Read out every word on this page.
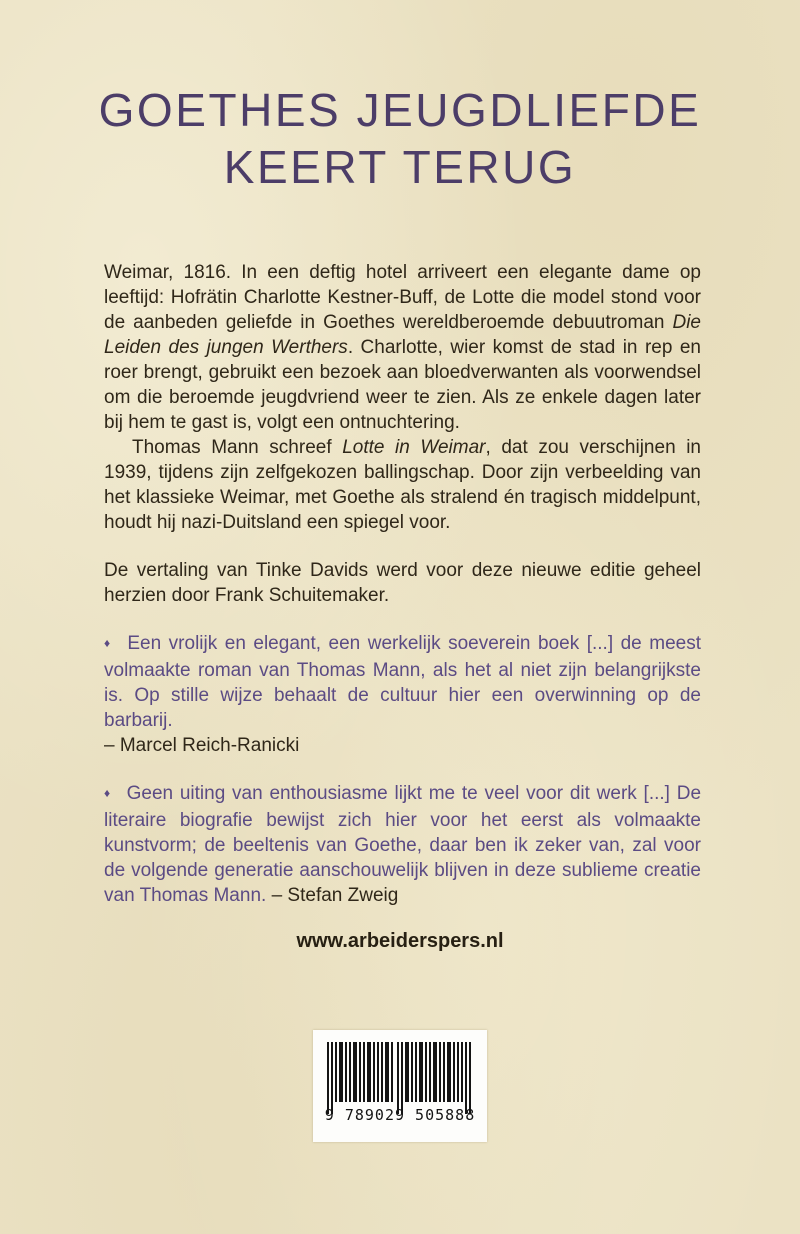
GOETHES JEUGDLIEFDE
KEERT TERUG

Weimar, 1816. In een deftig hotel arriveert een elegante dame op leeftijd: Hofrätin Charlotte Kestner-Buff, de Lotte die model stond voor de aanbeden geliefde in Goethes wereldberoemde debuutroman Die Leiden des jungen Werthers. Charlotte, wier komst de stad in rep en roer brengt, gebruikt een bezoek aan bloedverwanten als voorwendsel om die beroemde jeugdvriend weer te zien. Als ze enkele dagen later bij hem te gast is, volgt een ontnuchtering.

Thomas Mann schreef Lotte in Weimar, dat zou verschijnen in 1939, tijdens zijn zelfgekozen ballingschap. Door zijn verbeelding van het klassieke Weimar, met Goethe als stralend én tragisch middelpunt, houdt hij nazi-Duitsland een spiegel voor.

De vertaling van Tinke Davids werd voor deze nieuwe editie geheel herzien door Frank Schuitemaker.

♦ Een vrolijk en elegant, een werkelijk soeverein boek [...] de meest volmaakte roman van Thomas Mann, als het al niet zijn belangrijkste is. Op stille wijze behaalt de cultuur hier een overwinning op de barbarij.

– Marcel Reich-Ranicki

♦ Geen uiting van enthousiasme lijkt me te veel voor dit werk [...] De literaire biografie bewijst zich hier voor het eerst als volmaakte kunstvorm; de beeltenis van Goethe, daar ben ik zeker van, zal voor de volgende generatie aanschouwelijk blijven in deze sublieme creatie van Thomas Mann. – Stefan Zweig

www.arbeiderspers.nl
9 789029 505888
